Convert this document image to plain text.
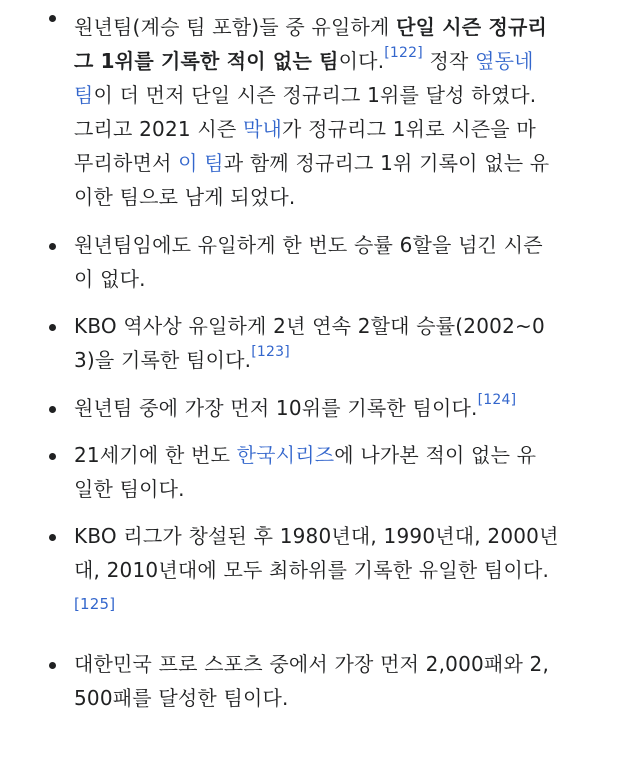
원년팀(계승 팀 포함)들 중 유일하게 단일 시즌 정규리
그 1위를 기록한 적이 없는 팀이다.[122] 정작 옆동네
팀이 더 먼저 단일 시즌 정규리그 1위를 달성 하였다.
그리고 2021 시즌 막내가 정규리그 1위로 시즌을 마
무리하면서 이 팀과 함께 정규리그 1위 기록이 없는 유
이한 팀으로 남게 되었다.
원년팀임에도 유일하게 한 번도 승률 6할을 넘긴 시즌
이 없다.
KBO 역사상 유일하게 2년 연속 2할대 승률(2002~0
3)을 기록한 팀이다.[123]
원년팀 중에 가장 먼저 10위를 기록한 팀이다.[124]
21세기에 한 번도 한국시리즈에 나가본 적이 없는 유
일한 팀이다.
KBO 리그가 창설된 후 1980년대, 1990년대, 2000년
대, 2010년대에 모두 최하위를 기록한 유일한 팀이다.
[125]
대한민국 프로 스포츠 중에서 가장 먼저 2,000패와 2,
500패를 달성한 팀이다.
